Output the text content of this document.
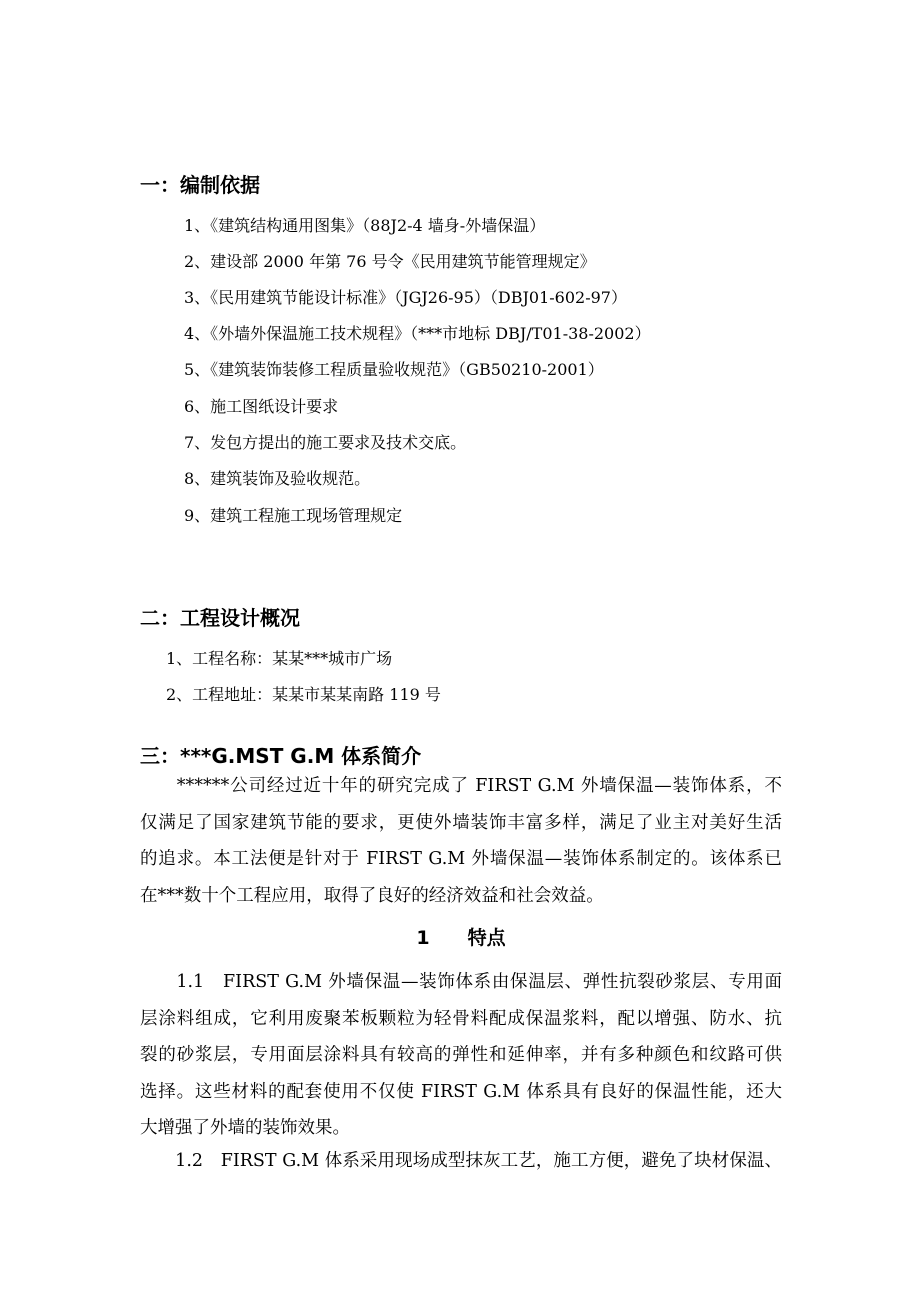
一：编制依据
1、《建筑结构通用图集》（88J2-4 墙身-外墙保温）
2、建设部 2000 年第 76 号令《民用建筑节能管理规定》
3、《民用建筑节能设计标准》（JGJ26-95）（DBJ01-602-97）
4、《外墙外保温施工技术规程》（***市地标 DBJ/T01-38-2002）
5、《建筑装饰装修工程质量验收规范》（GB50210-2001）
6、施工图纸设计要求
7、发包方提出的施工要求及技术交底。
8、建筑装饰及验收规范。
9、建筑工程施工现场管理规定
二：工程设计概况
1、工程名称：某某***城市广场
2、工程地址：某某市某某南路 119 号
三：***G.MST G.M 体系简介
　　******公司经过近十年的研究完成了 FIRST G.M 外墙保温—装饰体系，不
仅满足了国家建筑节能的要求，更使外墙装饰丰富多样，满足了业主对美好生活
的追求。本工法便是针对于 FIRST G.M 外墙保温—装饰体系制定的。该体系已
在***数十个工程应用，取得了良好的经济效益和社会效益。
1　　特点
　　1.1　FIRST G.M 外墙保温—装饰体系由保温层、弹性抗裂砂浆层、专用面
层涂料组成，它利用废聚苯板颗粒为轻骨料配成保温浆料，配以增强、防水、抗
裂的砂浆层，专用面层涂料具有较高的弹性和延伸率，并有多种颜色和纹路可供
选择。这些材料的配套使用不仅使 FIRST G.M 体系具有良好的保温性能，还大
大增强了外墙的装饰效果。
　　1.2　FIRST G.M 体系采用现场成型抹灰工艺，施工方便，避免了块材保温、
